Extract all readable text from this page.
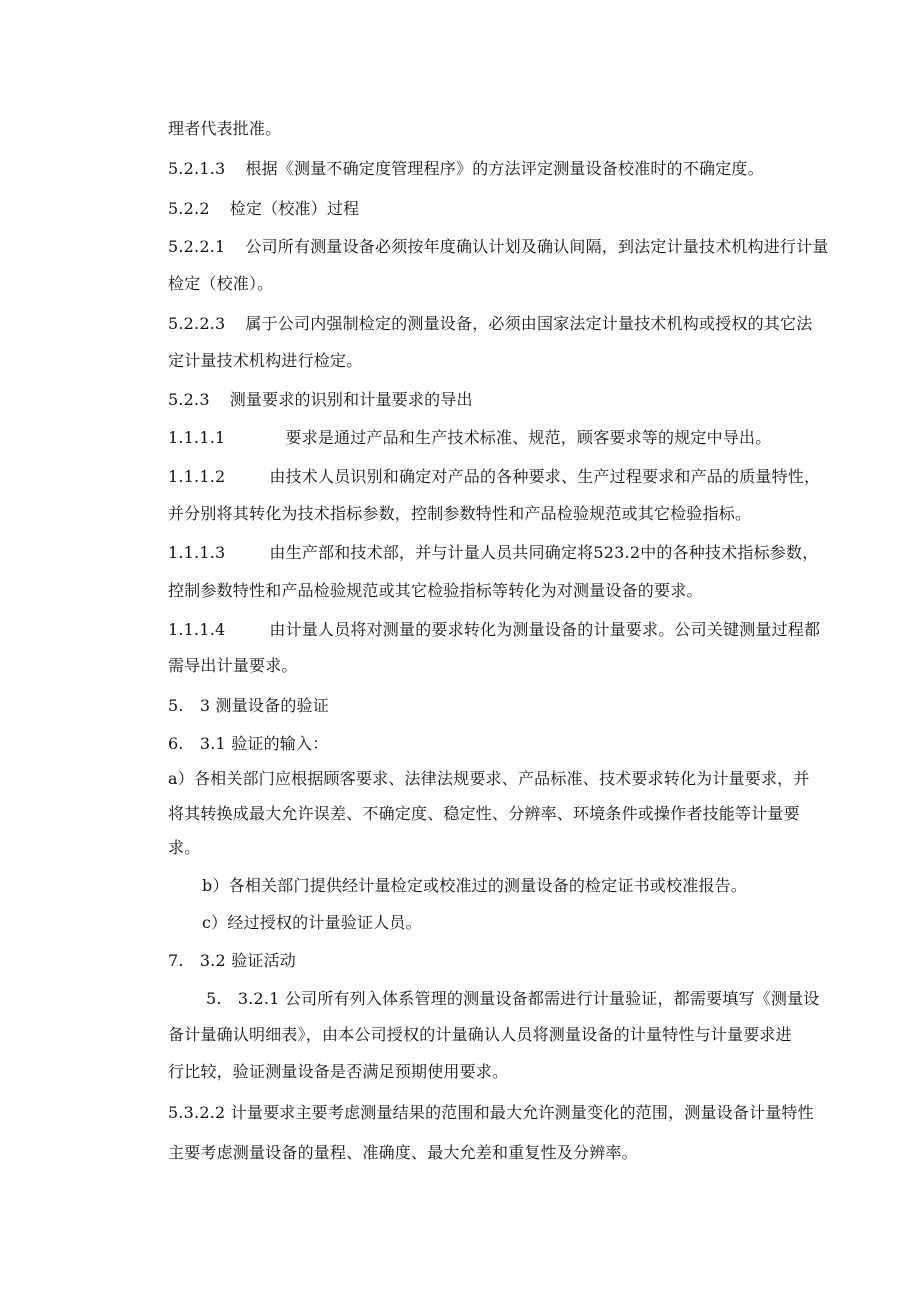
理者代表批准。
5.2.1.3 根据《测量不确定度管理程序》的方法评定测量设备校准时的不确定度。
5.2.2 检定（校准）过程
5.2.2.1 公司所有测量设备必须按年度确认计划及确认间隔，到法定计量技术机构进行计量
检定（校准）。
5.2.2.3 属于公司内强制检定的测量设备，必须由国家法定计量技术机构或授权的其它法
定计量技术机构进行检定。
5.2.3 测量要求的识别和计量要求的导出
1.1.1.1	要求是通过产品和生产技术标准、规范，顾客要求等的规定中导出。
1.1.1.2	由技术人员识别和确定对产品的各种要求、生产过程要求和产品的质量特性，
并分别将其转化为技术指标参数，控制参数特性和产品检验规范或其它检验指标。
1.1.1.3	由生产部和技术部，并与计量人员共同确定将523.2中的各种技术指标参数，
控制参数特性和产品检验规范或其它检验指标等转化为对测量设备的要求。
1.1.1.4	由计量人员将对测量的要求转化为测量设备的计量要求。公司关键测量过程都
需导出计量要求。
5.　3 测量设备的验证
6.　3.1 验证的输入：
a）各相关部门应根据顾客要求、法律法规要求、产品标准、技术要求转化为计量要求，并
将其转换成最大允许误差、不确定度、稳定性、分辨率、环境条件或操作者技能等计量要
求。
b）各相关部门提供经计量检定或校准过的测量设备的检定证书或校准报告。
c）经过授权的计量验证人员。
7.　3.2 验证活动
5.　3.2.1 公司所有列入体系管理的测量设备都需进行计量验证，都需要填写《测量设
备计量确认明细表》，由本公司授权的计量确认人员将测量设备的计量特性与计量要求进
行比较，验证测量设备是否满足预期使用要求。
5.3.2.2 计量要求主要考虑测量结果的范围和最大允许测量变化的范围，测量设备计量特性
主要考虑测量设备的量程、准确度、最大允差和重复性及分辨率。
